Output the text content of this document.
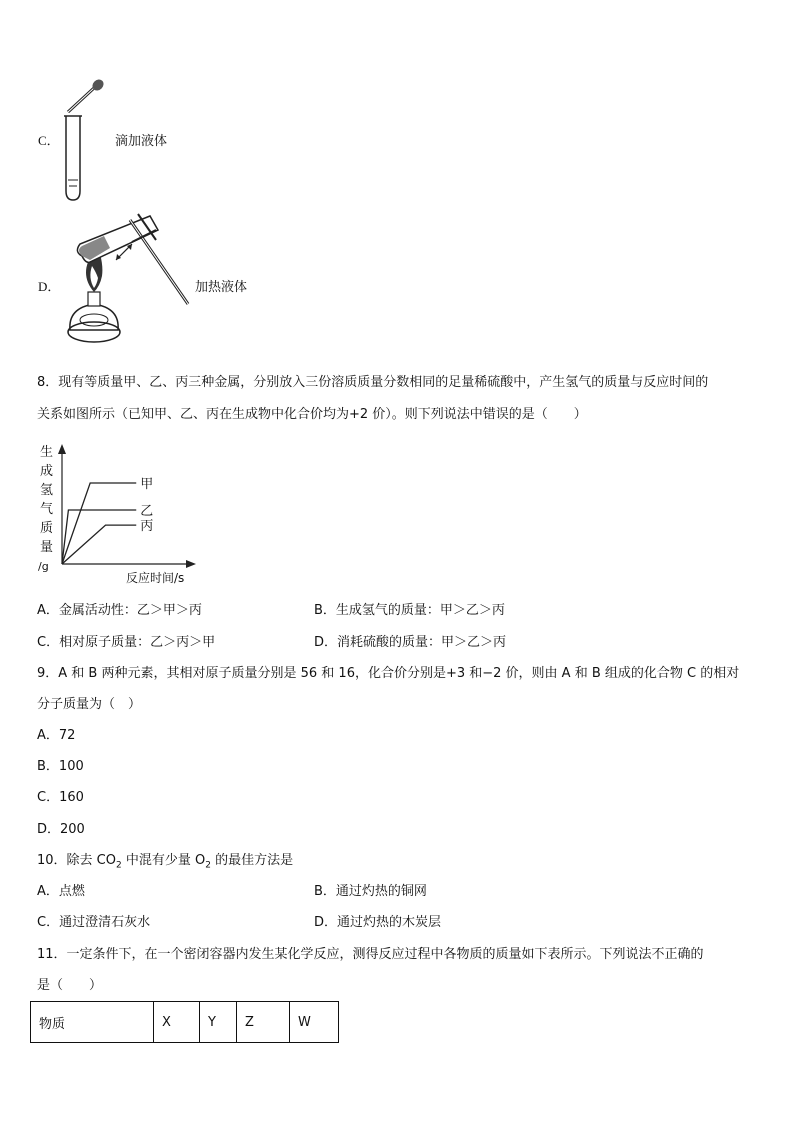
C．	滴加液体
D．	加热液体
8．现有等质量甲、乙、丙三种金属，分别放入三份溶质质量分数相同的足量稀硫酸中，产生氢气的质量与反应时间的
关系如图所示（已知甲、乙、丙在生成物中化合价均为+2 价）。则下列说法中错误的是（　　）
生
成
氢
气
质
量
/g
甲
乙
丙
反应时间/s
A．金属活动性：乙＞甲＞丙	B．生成氢气的质量：甲＞乙＞丙
C．相对原子质量：乙＞丙＞甲	D．消耗硫酸的质量：甲＞乙＞丙
9．A 和 B 两种元素，其相对原子质量分别是 56 和 16，化合价分别是+3 和−2 价，则由 A 和 B 组成的化合物 C 的相对
分子质量为（　）
A．72
B．100
C．160
D．200
10．除去 $CO_2$ 中混有少量 $O_2$ 的最佳方法是
A．点燃	B．通过灼热的铜网
C．通过澄清石灰水	D．通过灼热的木炭层
11．一定条件下，在一个密闭容器内发生某化学反应，测得反应过程中各物质的质量如下表所示。下列说法不正确的
是（　　）
物质	X	Y	Z	W
